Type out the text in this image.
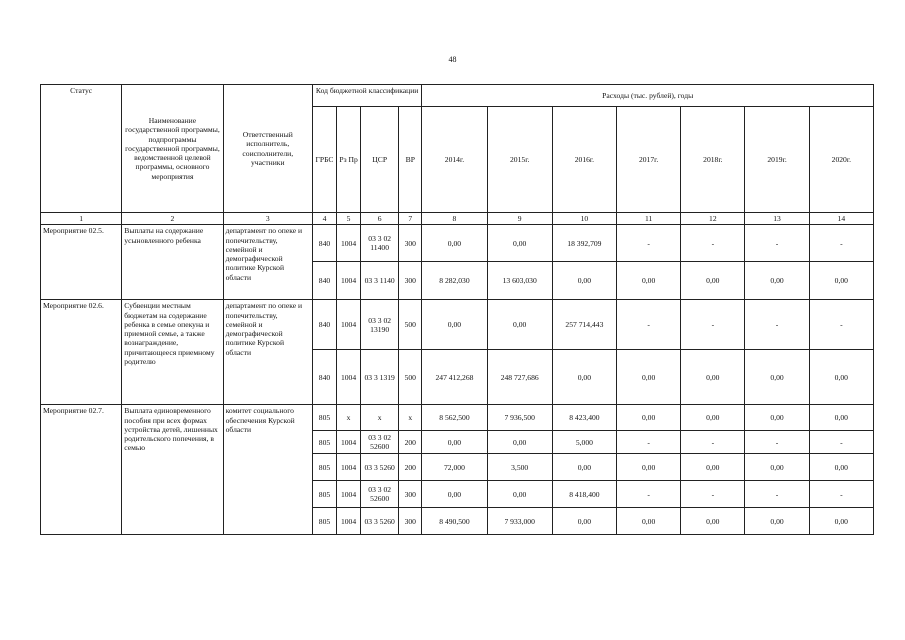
48
Статус	Наименование государственной программы, подпрограммы государственной программы, ведомственной целевой программы, основного мероприятия	Ответственный исполнитель, соисполнители, участники	Код бюджетной классификации				Расходы (тыс. рублей), годы						
			ГРБС	Рз Пр	ЦСР	ВР	2014г.	2015г.	2016г.	2017г.	2018г.	2019г.	2020г.
1	2	3	4	5	6	7	8	9	10	11	12	13	14
Мероприятие 02.5.	Выплаты на содержание усыновленного ребенка	департамент по опеке и попечительству, семейной и демографической политике Курской области	840	1004	03 3 02 11400	300	0,00	0,00	18 392,709	-	-	-	-
			840	1004	03 3 1140	300	8 282,030	13 603,030	0,00	0,00	0,00	0,00	0,00
Мероприятие 02.6.	Субвенции местным бюджетам на содержание ребенка в семье опекуна и приемной семье, а также вознаграждение, причитающееся приемному родителю	департамент по опеке и попечительству, семейной и демографической политике Курской области	840	1004	03 3 02 13190	500	0,00	0,00	257 714,443	-	-	-	-
			840	1004	03 3 1319	500	247 412,268	248 727,686	0,00	0,00	0,00	0,00	0,00
Мероприятие 02.7.	Выплата единовременного пособия при всех формах устройства детей, лишенных родительского попечения, в семью	комитет социального обеспечения Курской области	805	x	x	x	8 562,500	7 936,500	8 423,400	0,00	0,00	0,00	0,00
			805	1004	03 3 02 52600	200	0,00	0,00	5,000	-	-	-	-
			805	1004	03 3 5260	200	72,000	3,500	0,00	0,00	0,00	0,00	0,00
			805	1004	03 3 02 52600	300	0,00	0,00	8 418,400	-	-	-	-
			805	1004	03 3 5260	300	8 490,500	7 933,000	0,00	0,00	0,00	0,00	0,00
